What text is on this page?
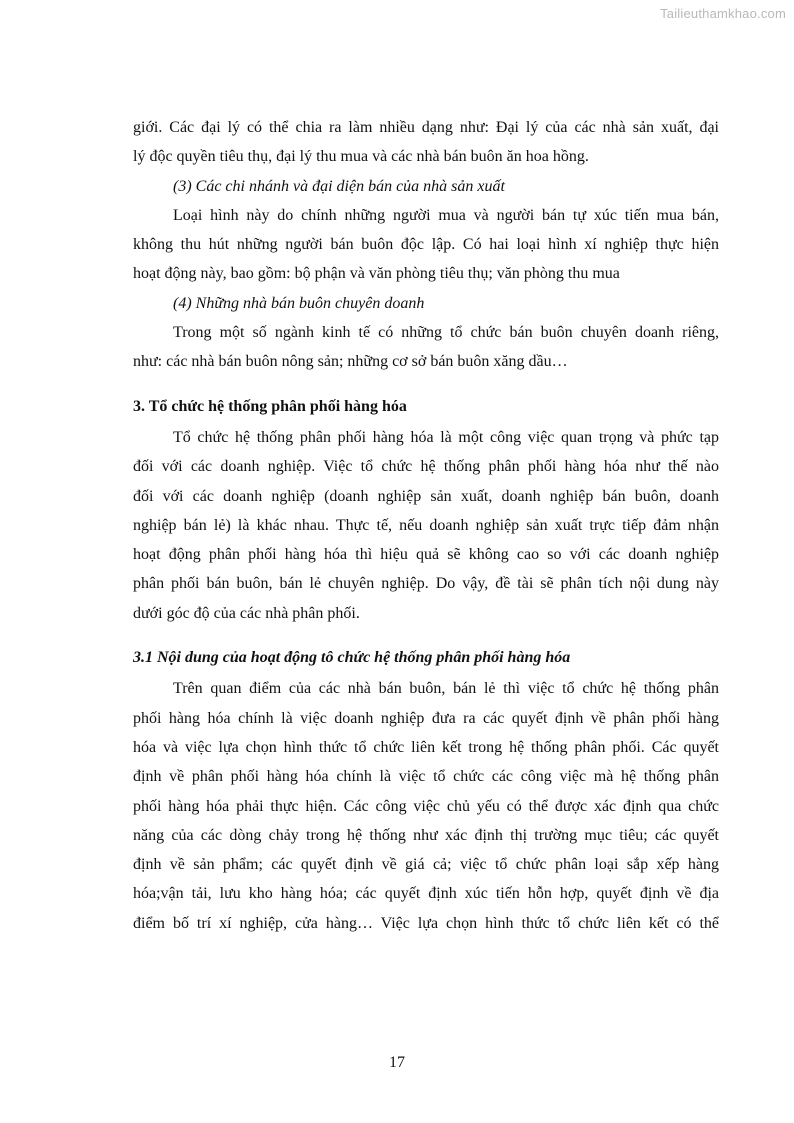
Tailieuthamkhao.com
giới. Các đại lý có thể chia ra làm nhiều dạng như: Đại lý của các nhà sản xuất, đại
lý độc quyền tiêu thụ, đại lý thu mua và các nhà bán buôn ăn hoa hồng.
(3) Các chi nhánh và đại diện bán của nhà sản xuất
Loại hình này do chính những người mua và người bán tự xúc tiến mua bán,
không thu hút những người bán buôn độc lập. Có hai loại hình xí nghiệp thực hiện
hoạt động này, bao gồm: bộ phận và văn phòng tiêu thụ; văn phòng thu mua
(4) Những nhà bán buôn chuyên doanh
Trong một số ngành kinh tế có những tổ chức bán buôn chuyên doanh riêng,
như: các nhà bán buôn nông sản; những cơ sở bán buôn xăng dầu…
3. Tổ chức hệ thống phân phối hàng hóa
Tổ chức hệ thống phân phối hàng hóa là một công việc quan trọng và phức tạp
đối với các doanh nghiệp. Việc tổ chức hệ thống phân phối hàng hóa như thế nào
đối với các doanh nghiệp (doanh nghiệp sản xuất, doanh nghiệp bán buôn, doanh
nghiệp bán lẻ) là khác nhau. Thực tế, nếu doanh nghiệp sản xuất trực tiếp đảm nhận
hoạt động phân phối hàng hóa thì hiệu quả sẽ không cao so với các doanh nghiệp
phân phối bán buôn, bán lẻ chuyên nghiệp. Do vậy, đề tài sẽ phân tích nội dung này
dưới góc độ của các nhà phân phối.
3.1 Nội dung của hoạt động tô chức hệ thống phân phối hàng hóa
Trên quan điểm của các nhà bán buôn, bán lẻ thì việc tổ chức hệ thống phân
phối hàng hóa chính là việc doanh nghiệp đưa ra các quyết định về phân phối hàng
hóa và việc lựa chọn hình thức tổ chức liên kết trong hệ thống phân phối. Các quyết
định về phân phối hàng hóa chính là việc tổ chức các công việc mà hệ thống phân
phối hàng hóa phải thực hiện. Các công việc chủ yếu có thể được xác định qua chức
năng của các dòng chảy trong hệ thống như xác định thị trường mục tiêu; các quyết
định về sản phẩm; các quyết định về giá cả; việc tổ chức phân loại sắp xếp hàng
hóa;vận tải, lưu kho hàng hóa; các quyết định xúc tiến hỗn hợp, quyết định về địa
điểm bố trí xí nghiệp, cửa hàng… Việc lựa chọn hình thức tổ chức liên kết có thể
17
